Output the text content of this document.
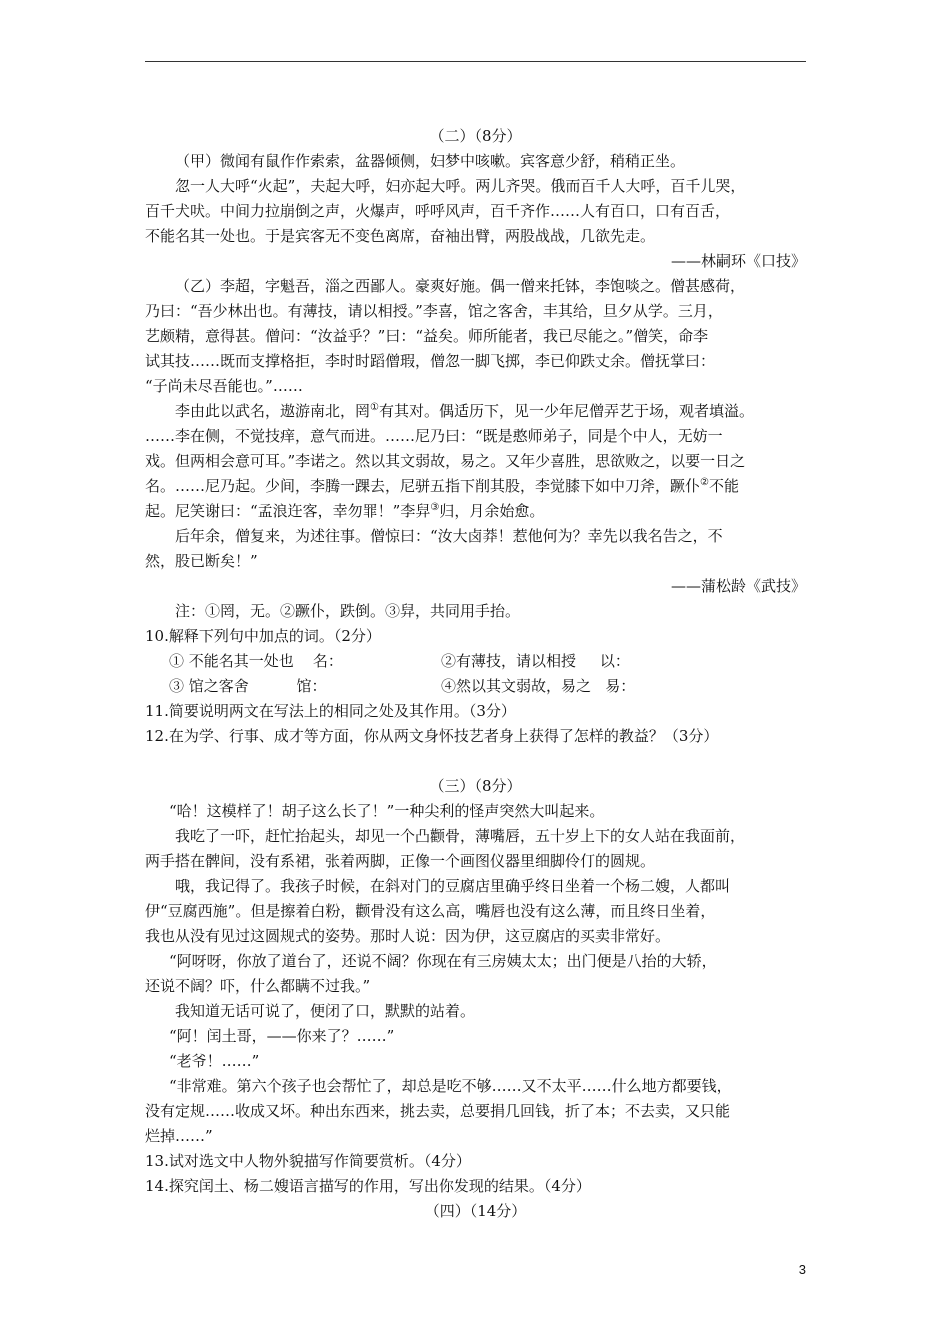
（二）（8分）
（甲）微闻有鼠作作索索，盆器倾侧，妇梦中咳嗽。宾客意少舒，稍稍正坐。
忽一人大呼“火起”，夫起大呼，妇亦起大呼。两儿齐哭。俄而百千人大呼，百千儿哭，
百千犬吠。中间力拉崩倒之声，火爆声，呼呼风声，百千齐作……人有百口，口有百舌，
不能名其一处也。于是宾客无不变色离席，奋袖出臂，两股战战，几欲先走。
——林嗣环《口技》
（乙）李超，字魁吾，淄之西鄙人。豪爽好施。偶一僧来托钵，李饱啖之。僧甚感荷，
乃曰：“吾少林出也。有薄技，请以相授。”李喜，馆之客舍，丰其给，旦夕从学。三月，
艺颇精，意得甚。僧问：“汝益乎？”曰：“益矣。师所能者，我已尽能之。”僧笑，命李
试其技……既而支撑格拒，李时时蹈僧瑕，僧忽一脚飞掷，李已仰跌丈余。僧抚掌曰：
“子尚未尽吾能也。”……
李由此以武名，遨游南北，罔①有其对。偶适历下，见一少年尼僧弄艺于场，观者填溢。
……李在侧，不觉技痒，意气而进。……尼乃曰：“既是憨师弟子，同是个中人，无妨一
戏。但两相会意可耳。”李诺之。然以其文弱故，易之。又年少喜胜，思欲败之，以要一日之
名。……尼乃起。少间，李腾一踝去，尼骈五指下削其股，李觉膝下如中刀斧，蹶仆②不能
起。尼笑谢曰：“孟浪迕客，幸勿罪！”李舁③归，月余始愈。
后年余，僧复来，为述往事。僧惊曰：“汝大卤莽！惹他何为？幸先以我名告之，不
然，股已断矣！”
——蒲松龄《武技》
注：①罔，无。②蹶仆，跌倒。③舁，共同用手抬。
10.解释下列句中加点的词。（2分）
① 不能名其一处也    名：	②有薄技，请以相授     以：
③ 馆之客舍          馆：	④然以其文弱故，易之   易：
11.简要说明两文在写法上的相同之处及其作用。（3分）
12.在为学、行事、成才等方面，你从两文身怀技艺者身上获得了怎样的教益？（3分）
（三）（8分）
“哈！这模样了！胡子这么长了！”一种尖利的怪声突然大叫起来。
我吃了一吓，赶忙抬起头，却见一个凸颧骨，薄嘴唇，五十岁上下的女人站在我面前，
两手搭在髀间，没有系裙，张着两脚，正像一个画图仪器里细脚伶仃的圆规。
哦，我记得了。我孩子时候，在斜对门的豆腐店里确乎终日坐着一个杨二嫂，人都叫
伊“豆腐西施”。但是擦着白粉，颧骨没有这么高，嘴唇也没有这么薄，而且终日坐着，
我也从没有见过这圆规式的姿势。那时人说：因为伊，这豆腐店的买卖非常好。
“阿呀呀，你放了道台了，还说不阔？你现在有三房姨太太；出门便是八抬的大轿，
还说不阔？吓，什么都瞒不过我。”
我知道无话可说了，便闭了口，默默的站着。
“阿！闰土哥，——你来了？……”
“老爷！……”
“非常难。第六个孩子也会帮忙了，却总是吃不够……又不太平……什么地方都要钱，
没有定规……收成又坏。种出东西来，挑去卖，总要捐几回钱，折了本；不去卖，又只能
烂掉……”
13.试对选文中人物外貌描写作简要赏析。（4分）
14.探究闰土、杨二嫂语言描写的作用，写出你发现的结果。（4分）
（四）（14分）
3
